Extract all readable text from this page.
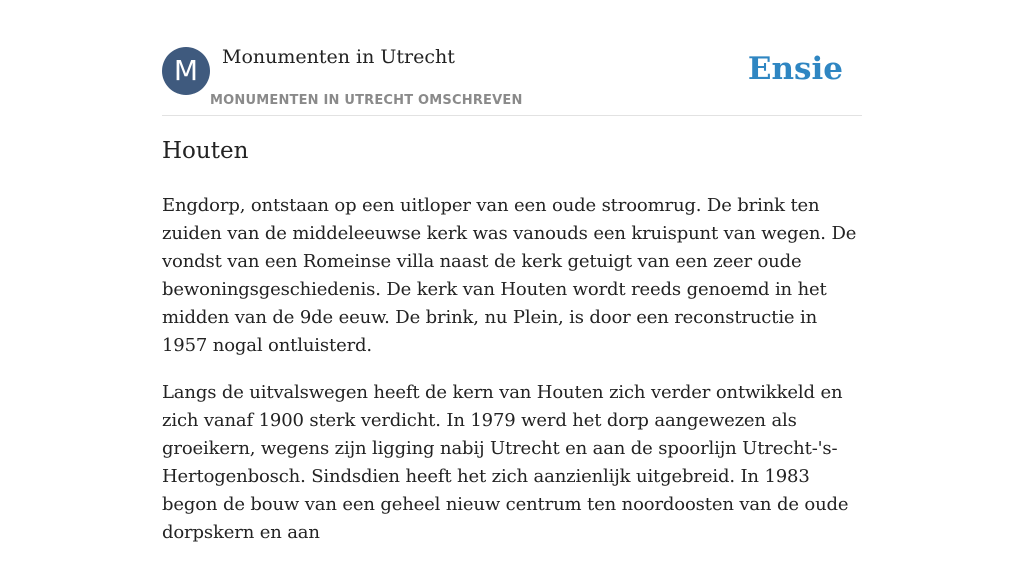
M	Monumenten in Utrecht
MONUMENTEN IN UTRECHT OMSCHREVEN
Ensie
Houten

Engdorp, ontstaan op een uitloper van een oude stroomrug. De brink ten zuiden van de middeleeuwse kerk was vanouds een kruispunt van wegen. De vondst van een Romeinse villa naast de kerk getuigt van een zeer oude bewoningsgeschiedenis. De kerk van Houten wordt reeds genoemd in het midden van de 9de eeuw. De brink, nu Plein, is door een reconstructie in 1957 nogal ontluisterd.

Langs de uitvalswegen heeft de kern van Houten zich verder ontwikkeld en zich vanaf 1900 sterk verdicht. In 1979 werd het dorp aangewezen als groeikern, wegens zijn ligging nabij Utrecht en aan de spoorlijn Utrecht-'s-Hertogenbosch. Sindsdien heeft het zich aanzienlijk uitgebreid. In 1983 begon de bouw van een geheel nieuw centrum ten noordoosten van de oude dorpskern en aan
